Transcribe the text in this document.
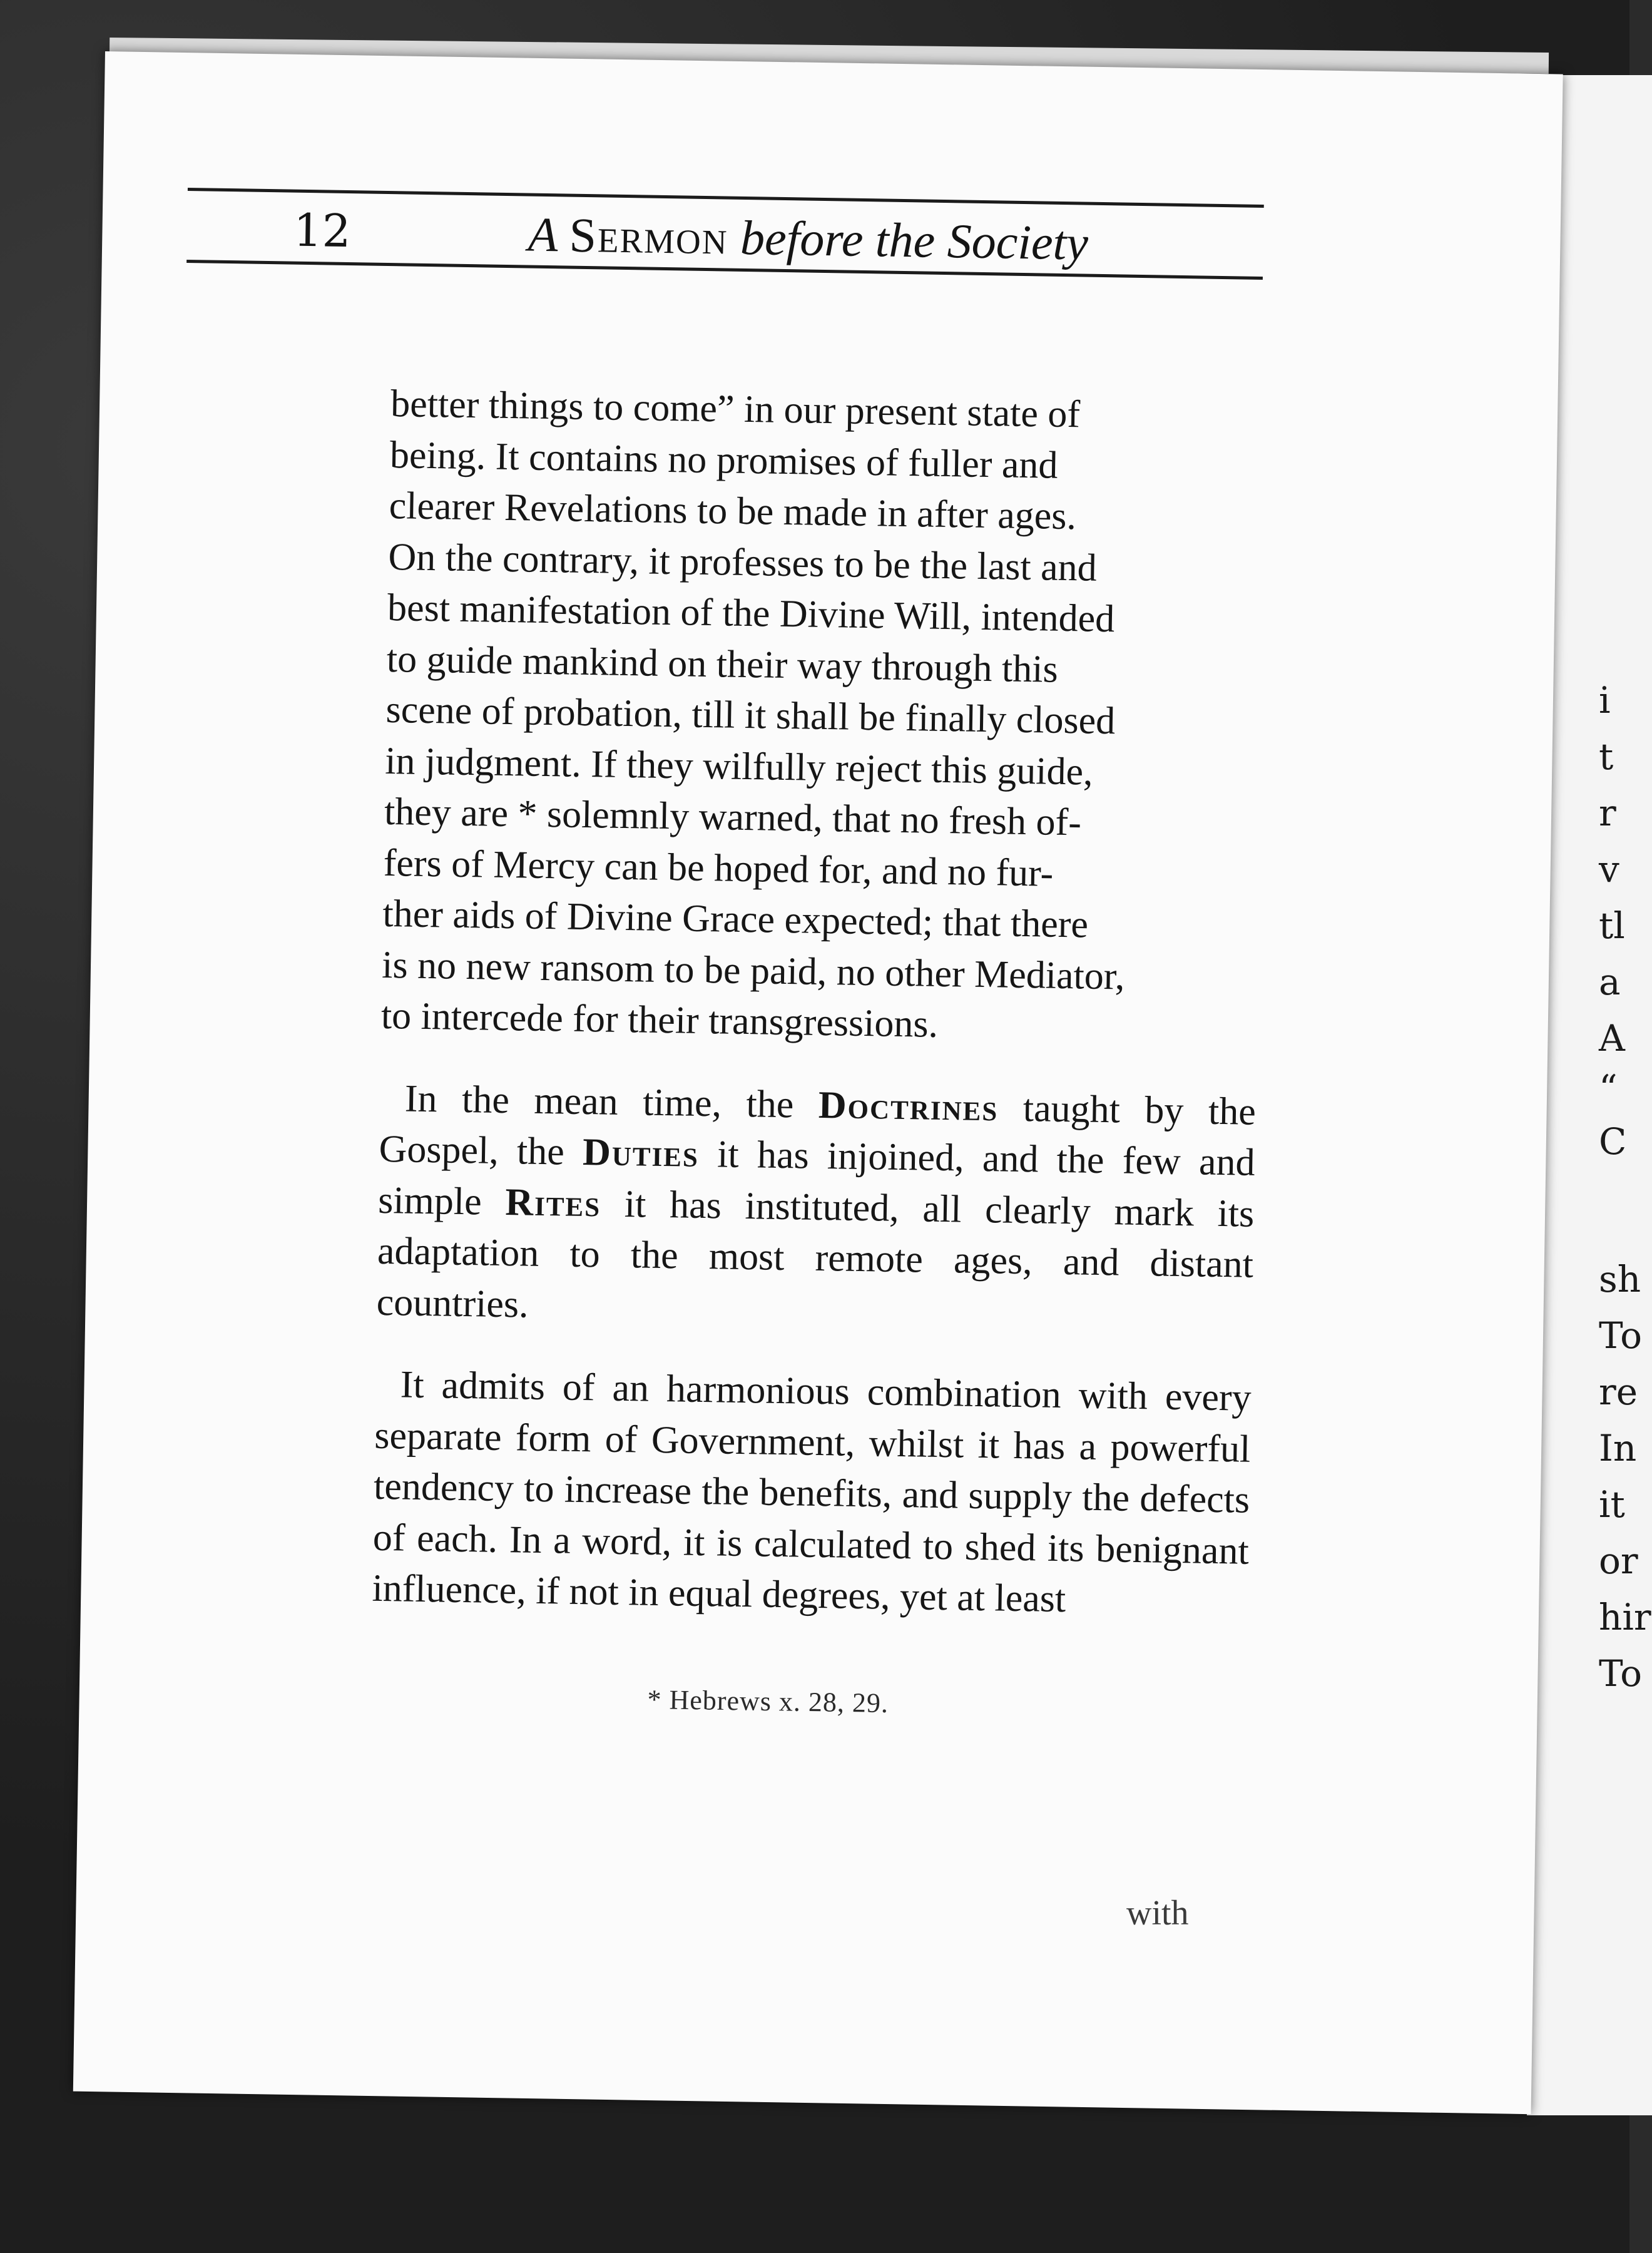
i
t
r
v
tl
a
A
“
C
sh
To
re
In
it
or
hir
To
12	A Sermon before the Society

better things to come” in our present state of

being. It contains no promises of fuller and

clearer Revelations to be made in after ages.

On the contrary, it professes to be the last and

best manifestation of the Divine Will, intended

to guide mankind on their way through this

scene of probation, till it shall be finally closed

in judgment. If they wilfully reject this guide,

they are * solemnly warned, that no fresh of-

fers of Mercy can be hoped for, and no fur-

ther aids of Divine Grace expected; that there

is no new ransom to be paid, no other Mediator,

to intercede for their transgressions.

In the mean time, the Doctrines taught by the Gospel, the Duties it has injoined, and the few and simple Rites it has instituted, all clearly mark its adaptation to the most remote ages, and distant countries.

It admits of an harmonious combination with every separate form of Government, whilst it has a powerful tendency to increase the benefits, and supply the defects of each. In a word, it is calculated to shed its benignant influence, if not in equal degrees, yet at least

* Hebrews x. 28, 29.
with
